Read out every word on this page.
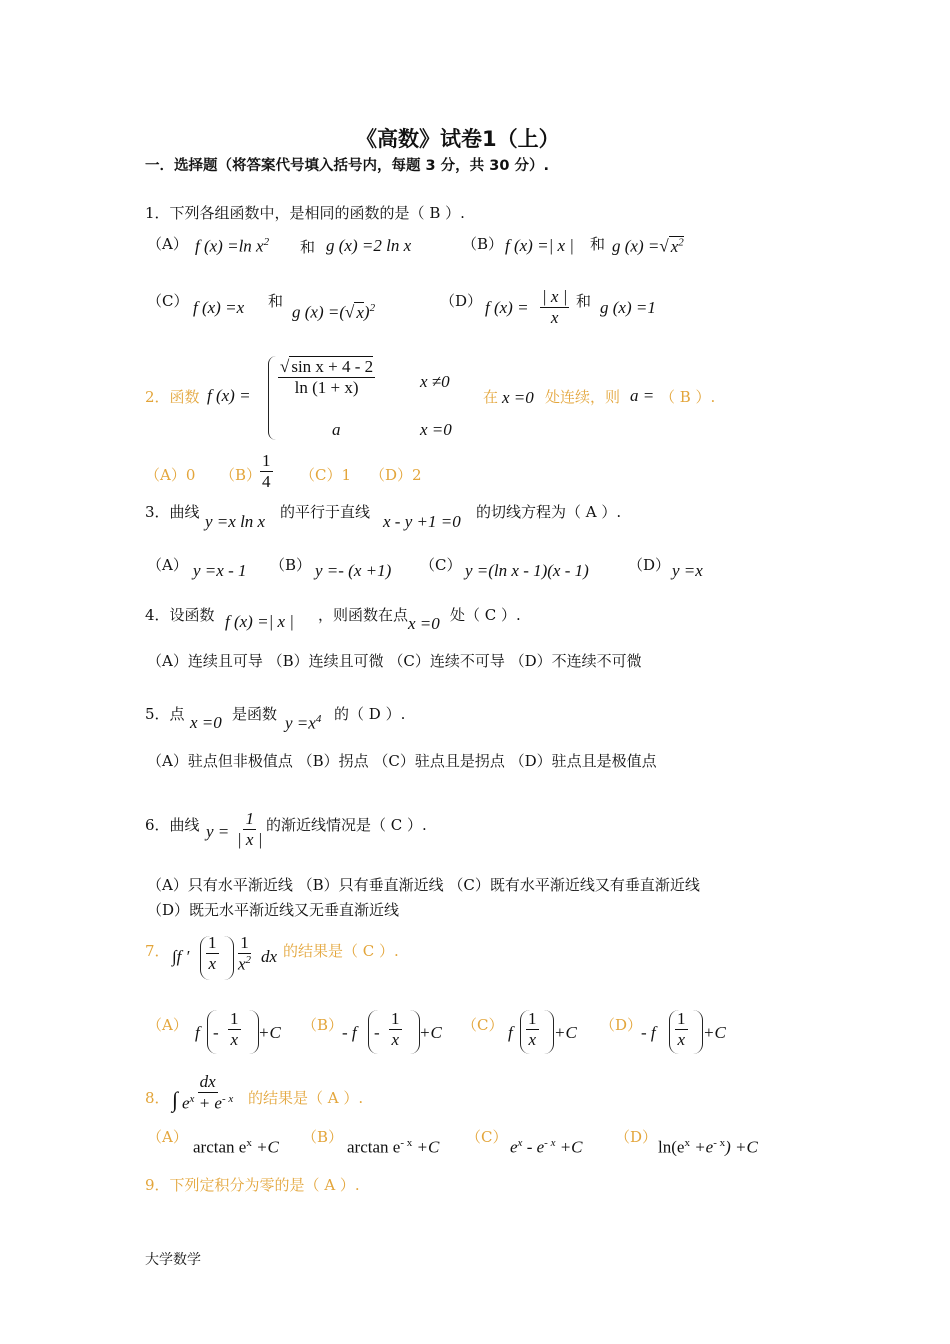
《高数》试卷1（上）
一．选择题（将答案代号填入括号内，每题 3 分，共 30 分）.
1．下列各组函数中，是相同的函数的是（ B ）.
（A） f (x) =ln $x^2$ 和 g (x) =2 ln x	（B） f (x) =| x | 和 g (x) =√ $x^2$
（C） f (x) =x 和
g (x) =(√ x)$^2$	（D） f $(x) = \frac{| x |}{x}$ 和 g (x) =1
2．函数 f $(x) = \frac{\text{√ sin x + 4 - 2}}{\ln (1 + x)}$	x ≠0
a	x =0
在 x =0 处连续，则 a = （ B ）.
（A）0 （B）
$\frac{1}{4} (C)1$ （D）2
3．曲线 y =x ln x 的平行于直线 x - y +1 =0 的切线方程为（ A ）.
（A） y =x - 1 （B） y =- (x +1) （C） y =(ln x - 1)(x - 1)	（D） y =x
4．设函数 f (x) =| x | ，则函数在点 x =0 处（ C ）.
（A）连续且可导 （B）连续且可微 （C）连续不可导 （D）不连续不可微
5．点 x =0 是函数 $y =x^4$ 的（ D ）.
（A）驻点但非极值点 （B）拐点 （C）驻点且是拐点 （D）驻点且是极值点
6．曲线 $y = \frac{1}{| x |}$ 的渐近线情况是（ C ）.
（A）只有水平渐近线 （B）只有垂直渐近线 （C）既有水平渐近线又有垂直渐近线
（D）既无水平渐近线又无垂直渐近线
7． ∫f ′ $\frac{1}{x} \frac{1}{x^2}$ dx 的结果是（ C ）.
（A） $f - \frac{1}{x} +C$ （B）
- $f - \frac{1}{x} +C$ （C） f $\frac{1}{x} +C$ （D）
- f $\frac{1}{x} +C$
8． ∫ $\frac{dx}{e^x + e^{- x}}$ 的结果是（ A ）.
（A）
$\arctan e^x +C$
（B）
$\arctan e^{- x} +C$
（C）
$e^x - e^{- x} +C$
（D）
$\ln(e^x +e^{- x}) +C$
9．下列定积分为零的是（ A ）.
大学数学
